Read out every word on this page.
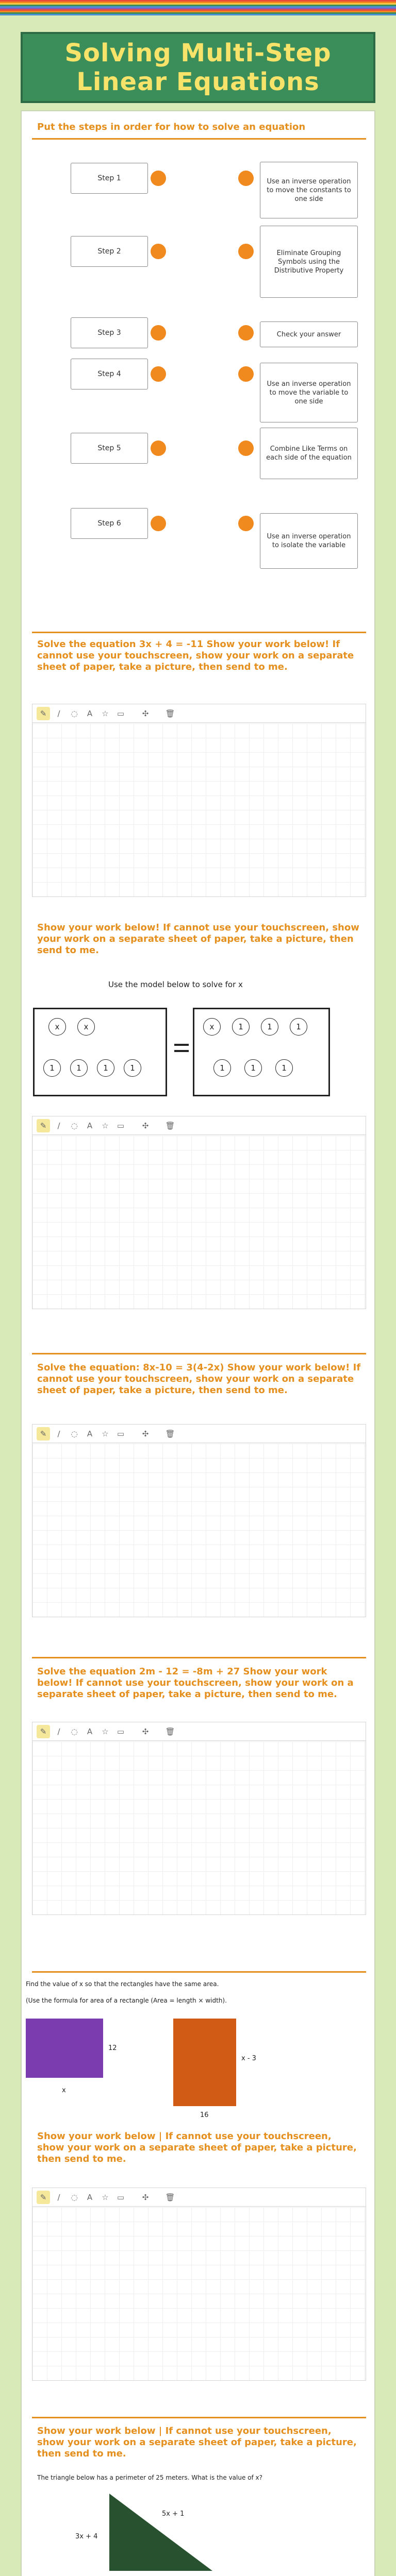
Solving Multi-Step
Linear Equations
Put the steps in order for how to solve an equation
Step 1	Use an inverse operation to move the constants to one side
Step 2	Eliminate Grouping Symbols using the Distributive Property
Step 3	Check your answer
Step 4
Use an inverse operation to move the variable to one side
Step 5	Combine Like Terms on each side of the equation
Step 6
Use an inverse operation to isolate the variable
Solve the equation 3x + 4 = -11 Show your work below! If cannot use your touchscreen, show your work on a separate sheet of paper, take a picture, then send to me.
✎	/	◌	A	☆	▭	✣	🗑
Show your work below! If cannot use your touchscreen, show your work on a separate sheet of paper, take a picture, then send to me.
Use the model below to solve for x
x	x
1	1	1	1
x	1	1	1
1	1	1
✎	/	◌	A	☆	▭	✣	🗑
Solve the equation: 8x-10 = 3(4-2x) Show your work below! If cannot use your touchscreen, show your work on a separate sheet of paper, take a picture, then send to me.
✎	/	◌	A	☆	▭	✣	🗑
Solve the equation 2m - 12 = -8m + 27 Show your work below! If cannot use your touchscreen, show your work on a separate sheet of paper, take a picture, then send to me.
✎	/	◌	A	☆	▭	✣	🗑
Find the value of x so that the rectangles have the same area.
(Use the formula for area of a rectangle (Area = length × width).
12
x
x - 3
16
Show your work below | If cannot use your touchscreen, show your work on a separate sheet of paper, take a picture, then send to me.
✎	/	◌	A	☆	▭	✣	🗑
Show your work below | If cannot use your touchscreen, show your work on a separate sheet of paper, take a picture, then send to me.
The triangle below has a perimeter of 25 meters. What is the value of x?
3x + 4
5x + 1
